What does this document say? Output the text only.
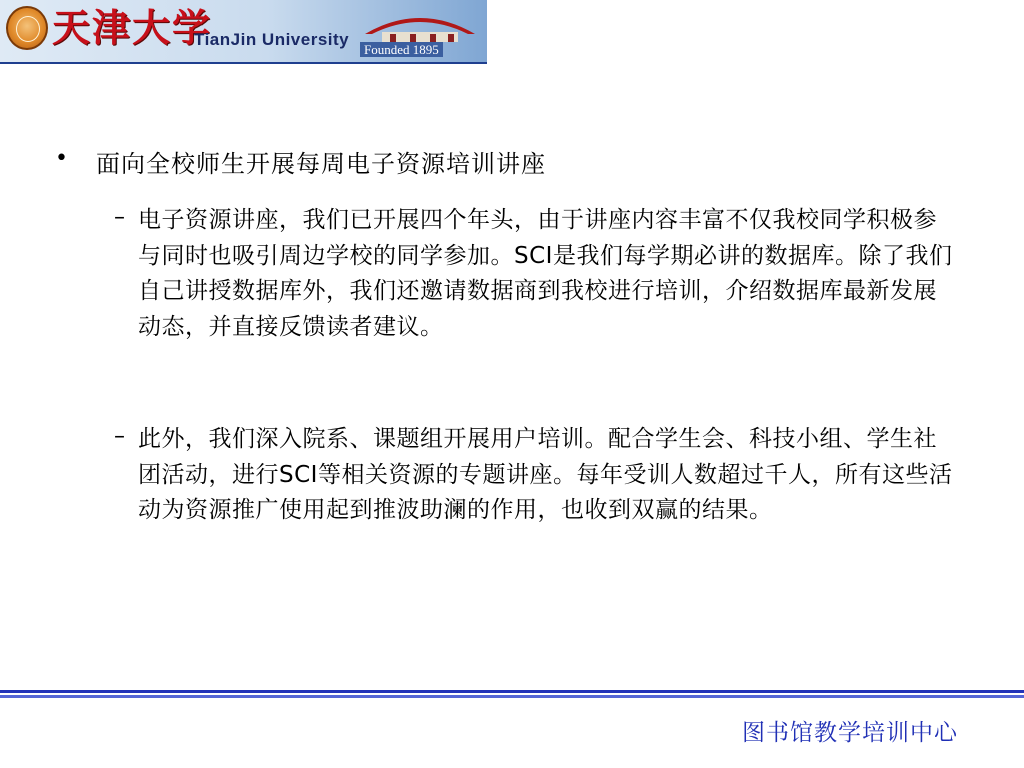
天津大学
TianJin University
Founded 1895
• 面向全校师生开展每周电子资源培训讲座
– 电子资源讲座，我们已开展四个年头，由于讲座内容丰富不仅我校同学积极参与同时也吸引周边学校的同学参加。SCI是我们每学期必讲的数据库。除了我们自己讲授数据库外，我们还邀请数据商到我校进行培训，介绍数据库最新发展动态，并直接反馈读者建议。
– 此外，我们深入院系、课题组开展用户培训。配合学生会、科技小组、学生社团活动，进行SCI等相关资源的专题讲座。每年受训人数超过千人，所有这些活动为资源推广使用起到推波助澜的作用，也收到双赢的结果。
图书馆教学培训中心
